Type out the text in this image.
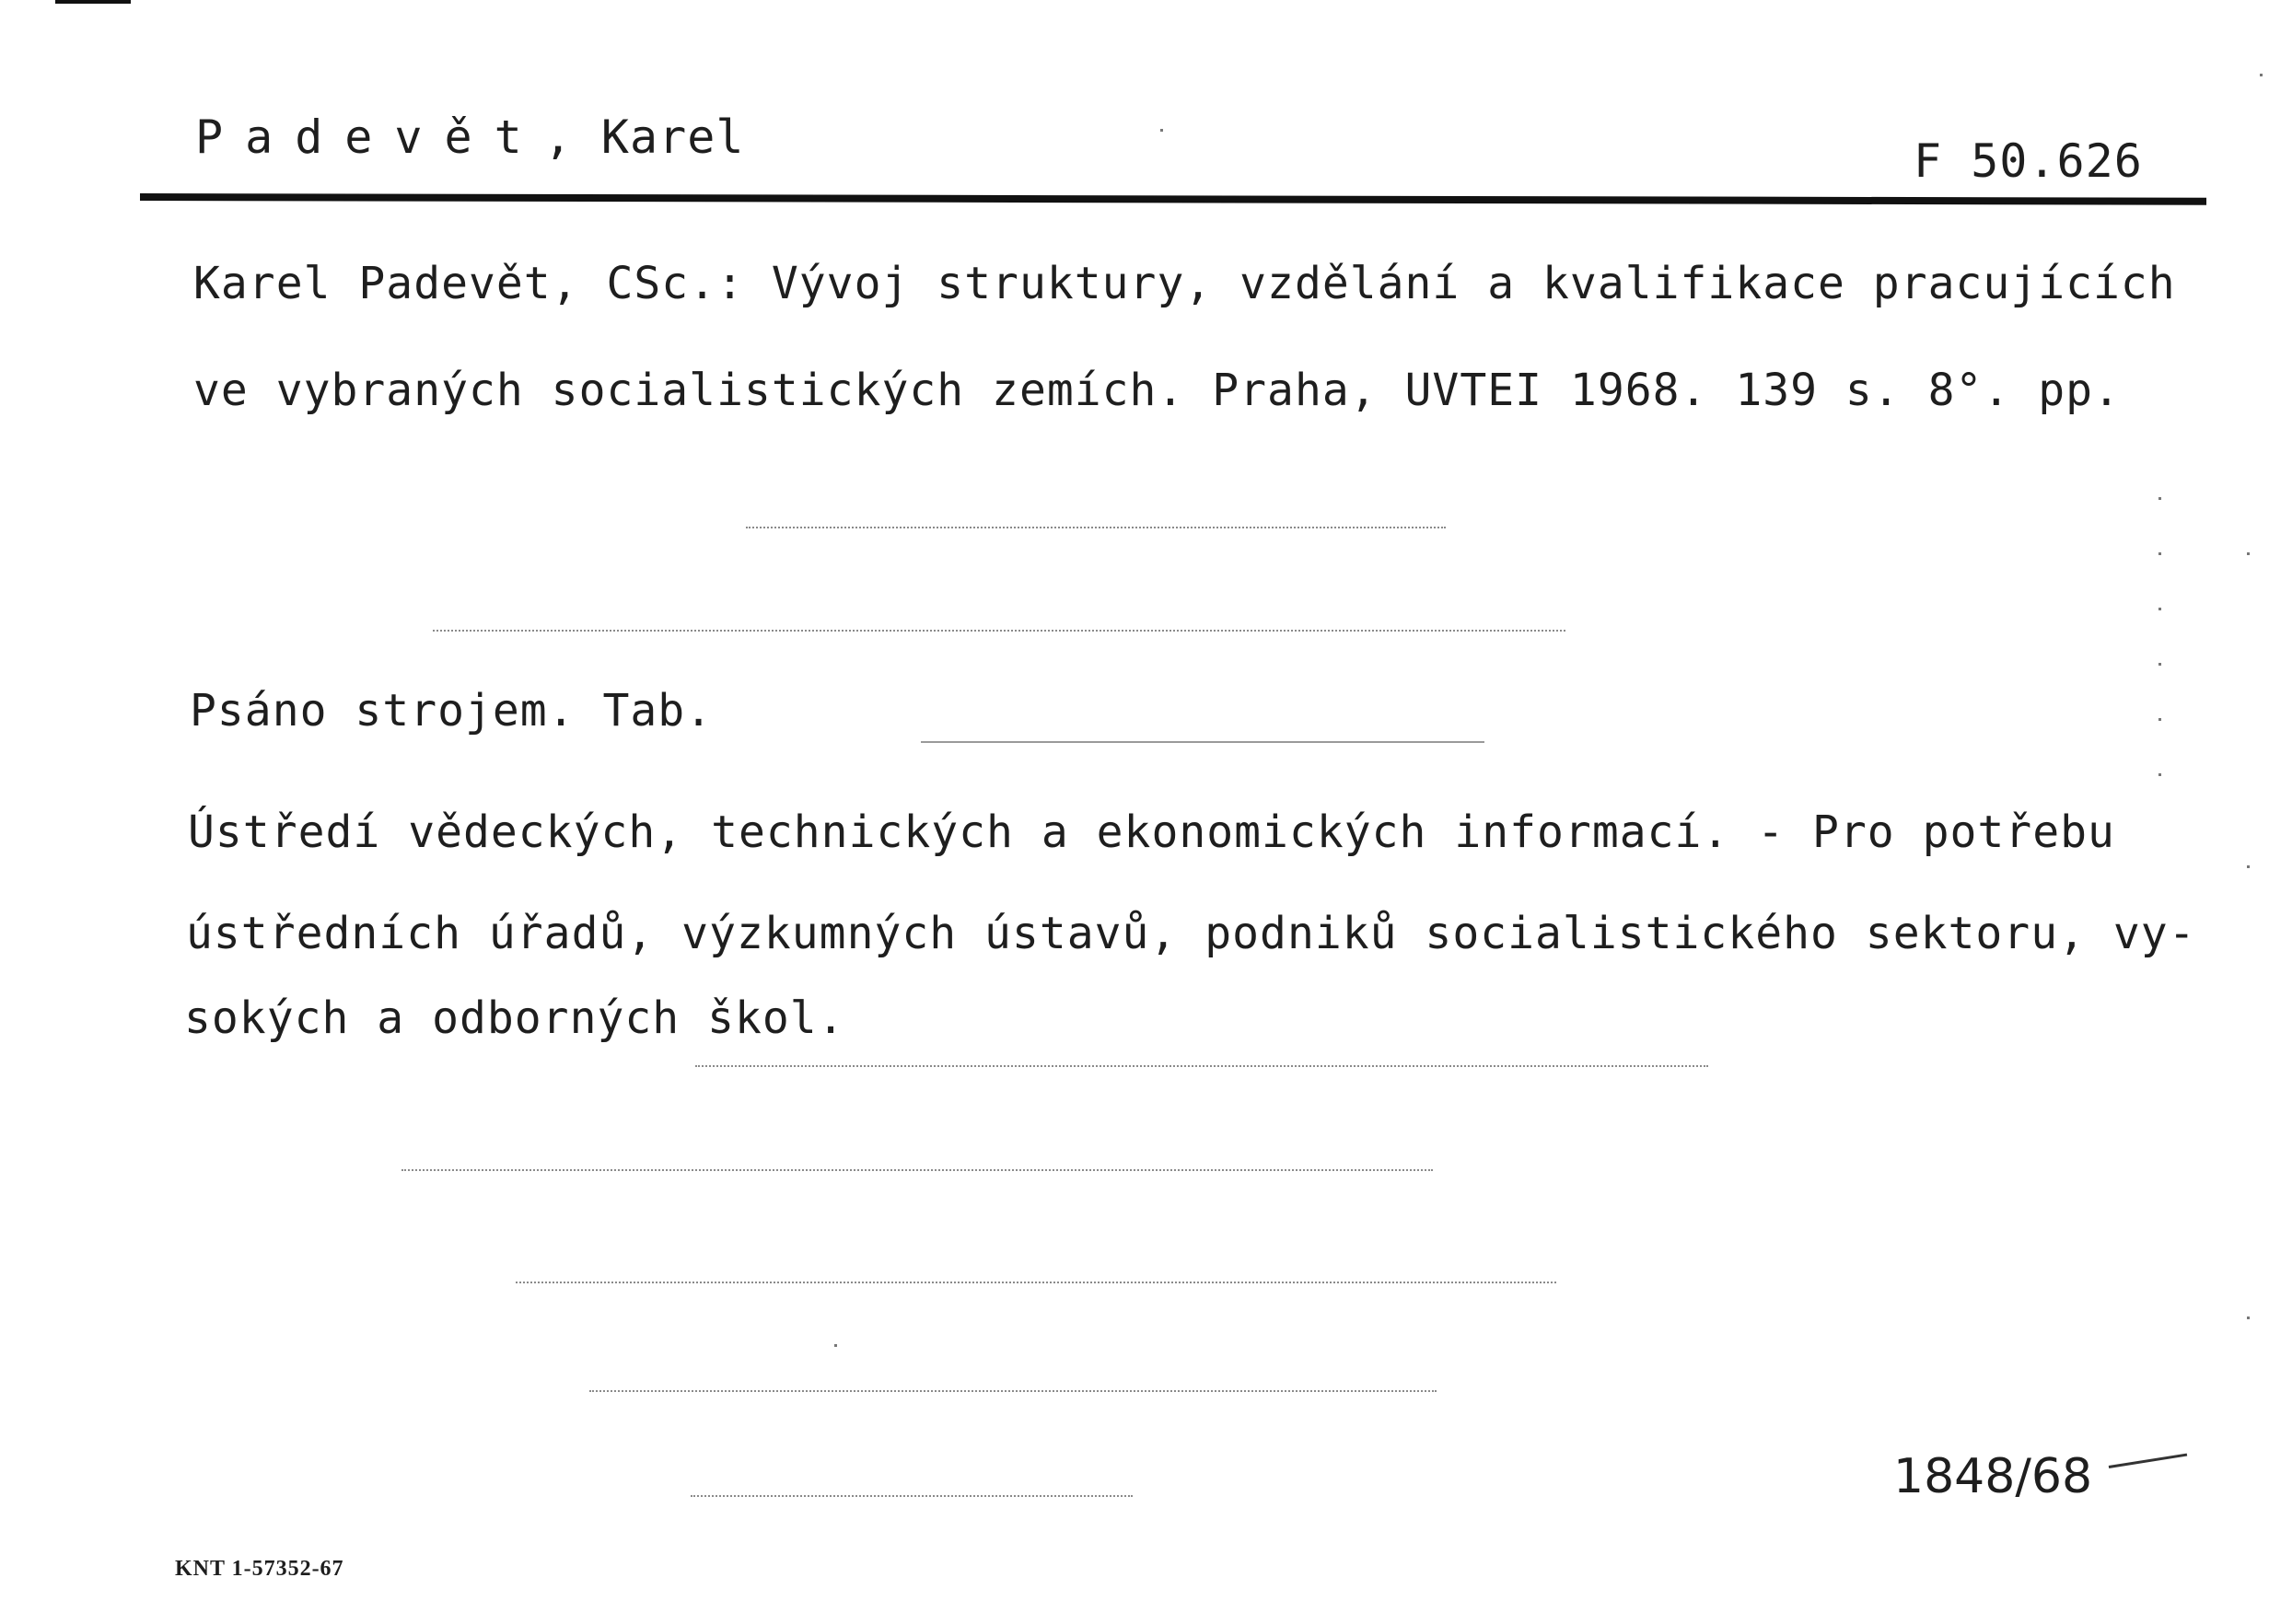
Padevět, Karel	F 50.626
Karel Padevět, CSc.: Vývoj struktury, vzdělání a kvalifikace pracujících
ve vybraných socialistických zemích. Praha, UVTEI 1968. 139 s. 8°. pp.
Psáno strojem. Tab.
Ústředí vědeckých, technických a ekonomických informací. - Pro potřebu
ústředních úřadů, výzkumných ústavů, podniků socialistického sektoru, vy-
sokých a odborných škol.
1848/68
KNT 1-57352-67
